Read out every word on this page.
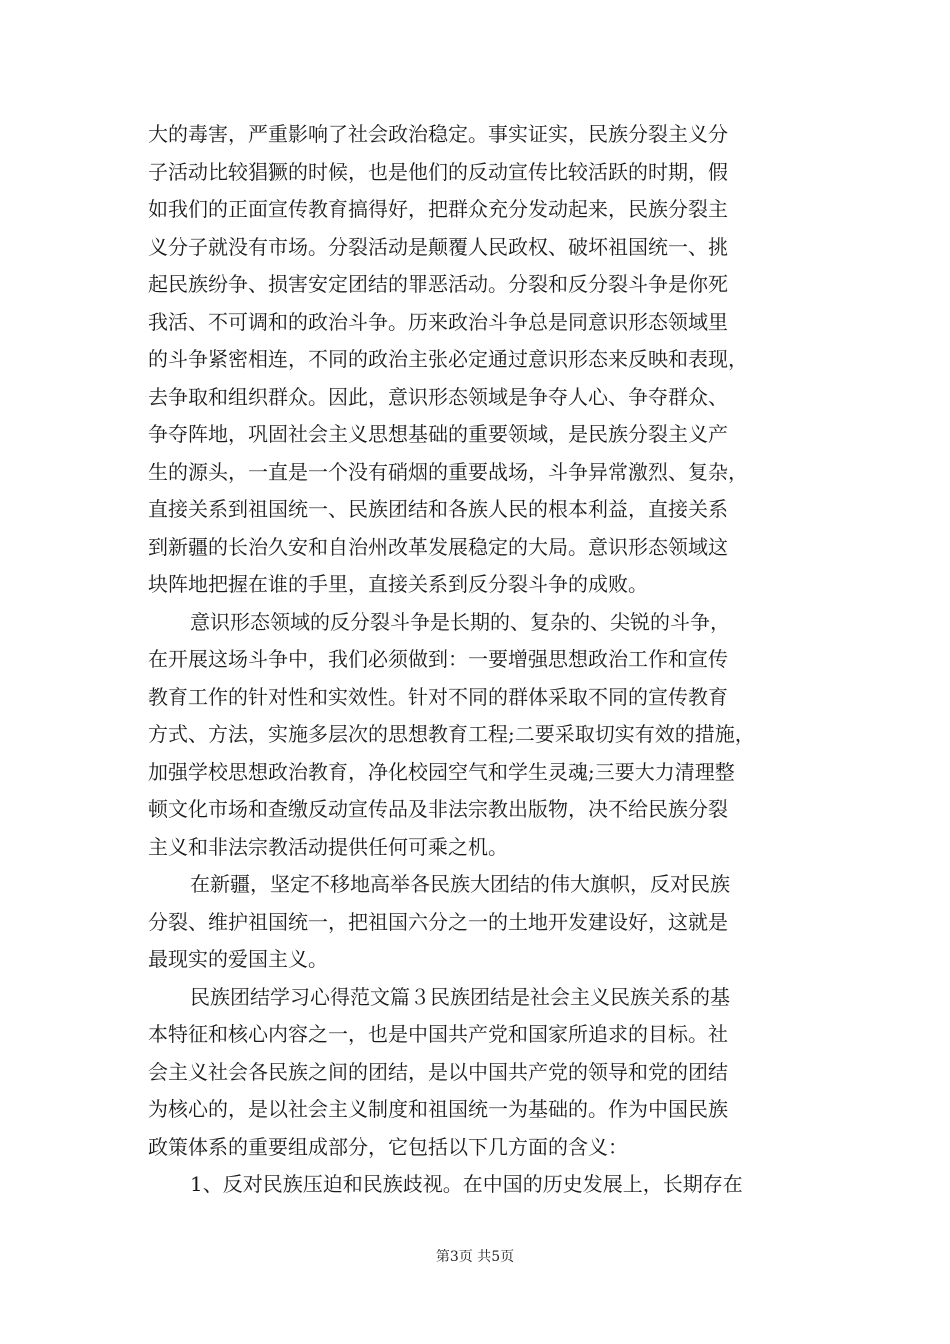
大的毒害，严重影响了社会政治稳定。事实证实，民族分裂主义分
子活动比较猖獗的时候，也是他们的反动宣传比较活跃的时期，假
如我们的正面宣传教育搞得好，把群众充分发动起来，民族分裂主
义分子就没有市场。分裂活动是颠覆人民政权、破坏祖国统一、挑
起民族纷争、损害安定团结的罪恶活动。分裂和反分裂斗争是你死
我活、不可调和的政治斗争。历来政治斗争总是同意识形态领域里
的斗争紧密相连，不同的政治主张必定通过意识形态来反映和表现，
去争取和组织群众。因此，意识形态领域是争夺人心、争夺群众、
争夺阵地，巩固社会主义思想基础的重要领域，是民族分裂主义产
生的源头，一直是一个没有硝烟的重要战场，斗争异常激烈、复杂，
直接关系到祖国统一、民族团结和各族人民的根本利益，直接关系
到新疆的长治久安和自治州改革发展稳定的大局。意识形态领域这
块阵地把握在谁的手里，直接关系到反分裂斗争的成败。
意识形态领域的反分裂斗争是长期的、复杂的、尖锐的斗争，
在开展这场斗争中，我们必须做到：一要增强思想政治工作和宣传
教育工作的针对性和实效性。针对不同的群体采取不同的宣传教育
方式、方法，实施多层次的思想教育工程;二要采取切实有效的措施，
加强学校思想政治教育，净化校园空气和学生灵魂;三要大力清理整
顿文化市场和查缴反动宣传品及非法宗教出版物，决不给民族分裂
主义和非法宗教活动提供任何可乘之机。
在新疆，坚定不移地高举各民族大团结的伟大旗帜，反对民族
分裂、维护祖国统一，把祖国六分之一的土地开发建设好，这就是
最现实的爱国主义。
民族团结学习心得范文篇３民族团结是社会主义民族关系的基
本特征和核心内容之一，也是中国共产党和国家所追求的目标。社
会主义社会各民族之间的团结，是以中国共产党的领导和党的团结
为核心的，是以社会主义制度和祖国统一为基础的。作为中国民族
政策体系的重要组成部分，它包括以下几方面的含义：
1、反对民族压迫和民族歧视。在中国的历史发展上，长期存在
第3页 共5页
